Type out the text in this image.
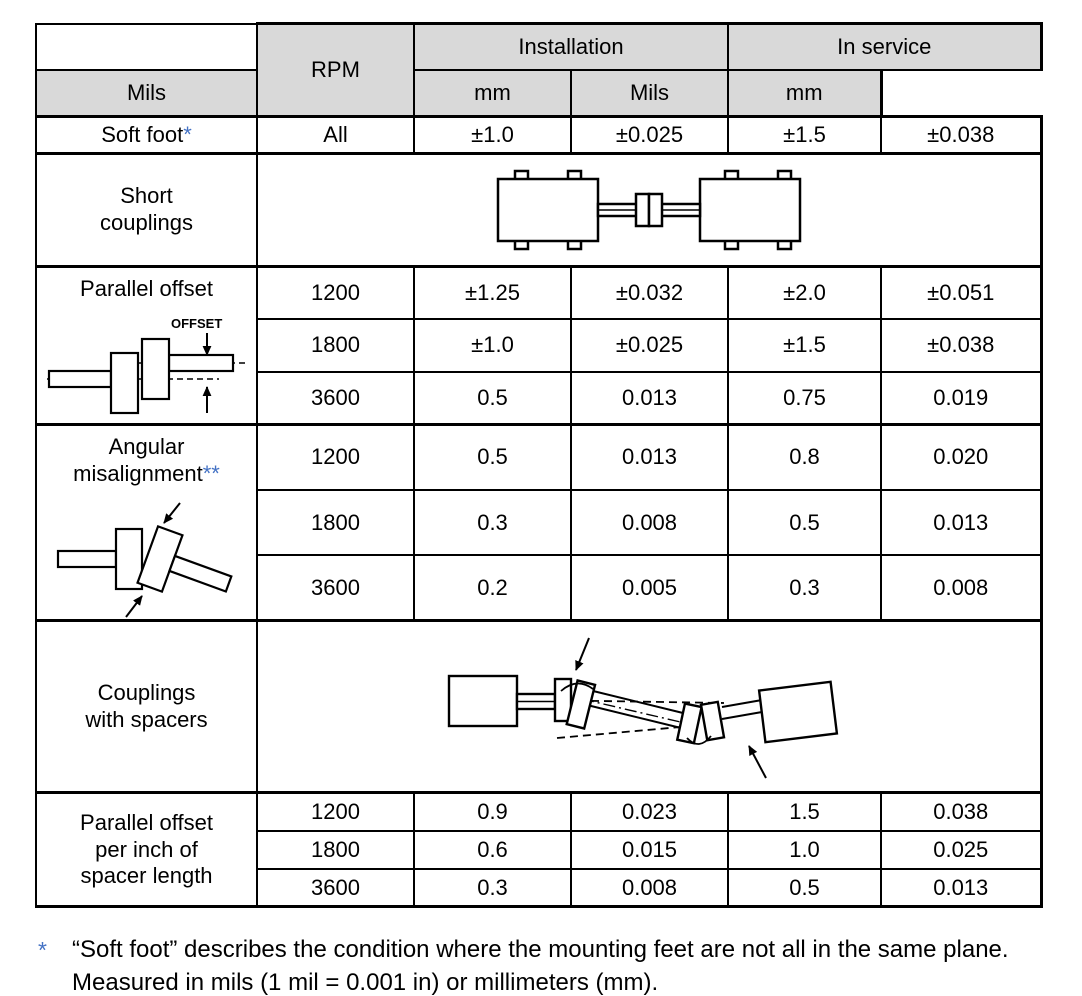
	RPM	Installation		In service	
Mils		mm	Mils	mm	
Soft foot*	All	±1.0	±0.025	±1.5	±0.038

Short
couplings

Parallel offset
OFFSET	1200	±1.25	±0.032	±2.0	±0.051
	1800	±1.0	±0.025	±1.5	±0.038
	3600	0.5	0.013	0.75	0.019

Angular
misalignment**	1200	0.5	0.013	0.8	0.020
	1800	0.3	0.008	0.5	0.013
	3600	0.2	0.005	0.3	0.008

Couplings
with spacers

Parallel offset
per inch of
spacer length	1200	0.9	0.023	1.5	0.038
	1800	0.6	0.015	1.0	0.025
	3600	0.3	0.008	0.5	0.013
*	“Soft foot” describes the condition where the mounting feet are not all in the same plane. Measured in mils (1 mil = 0.001 in) or millimeters (mm).
